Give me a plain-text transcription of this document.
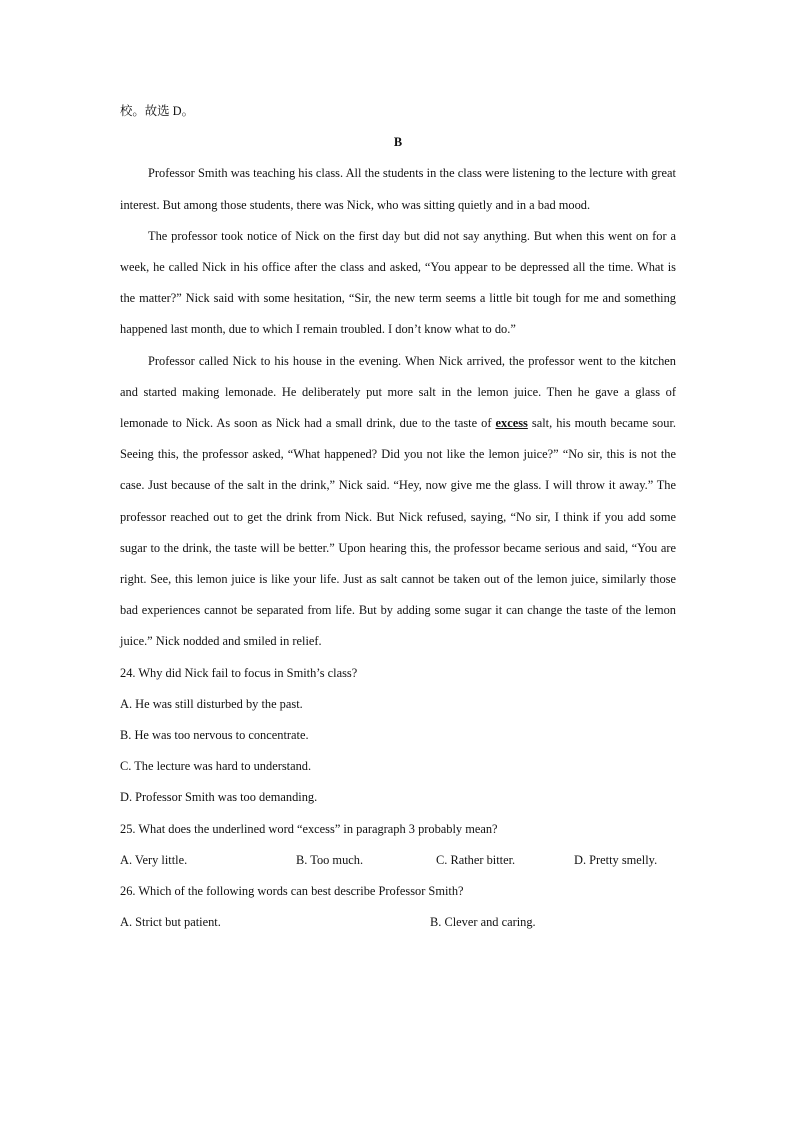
校。故选 D。

B

Professor Smith was teaching his class. All the students in the class were listening to the lecture with great interest. But among those students, there was Nick, who was sitting quietly and in a bad mood.

The professor took notice of Nick on the first day but did not say anything. But when this went on for a week, he called Nick in his office after the class and asked, “You appear to be depressed all the time. What is the matter?” Nick said with some hesitation, “Sir, the new term seems a little bit tough for me and something happened last month, due to which I remain troubled. I don’t know what to do.”

Professor called Nick to his house in the evening. When Nick arrived, the professor went to the kitchen and started making lemonade. He deliberately put more salt in the lemon juice. Then he gave a glass of lemonade to Nick. As soon as Nick had a small drink, due to the taste of excess salt, his mouth became sour. Seeing this, the professor asked, “What happened? Did you not like the lemon juice?” “No sir, this is not the case. Just because of the salt in the drink,” Nick said. “Hey, now give me the glass. I will throw it away.” The professor reached out to get the drink from Nick. But Nick refused, saying, “No sir, I think if you add some sugar to the drink, the taste will be better.” Upon hearing this, the professor became serious and said, “You are right. See, this lemon juice is like your life. Just as salt cannot be taken out of the lemon juice, similarly those bad experiences cannot be separated from life. But by adding some sugar it can change the taste of the lemon juice.” Nick nodded and smiled in relief.

24. Why did Nick fail to focus in Smith’s class?

A. He was still disturbed by the past.

B. He was too nervous to concentrate.

C. The lecture was hard to understand.

D. Professor Smith was too demanding.

25. What does the underlined word “excess” in paragraph 3 probably mean?

A. Very little.	B. Too much.	C. Rather bitter.	D. Pretty smelly.

26. Which of the following words can best describe Professor Smith?

A. Strict but patient.	B. Clever and caring.
